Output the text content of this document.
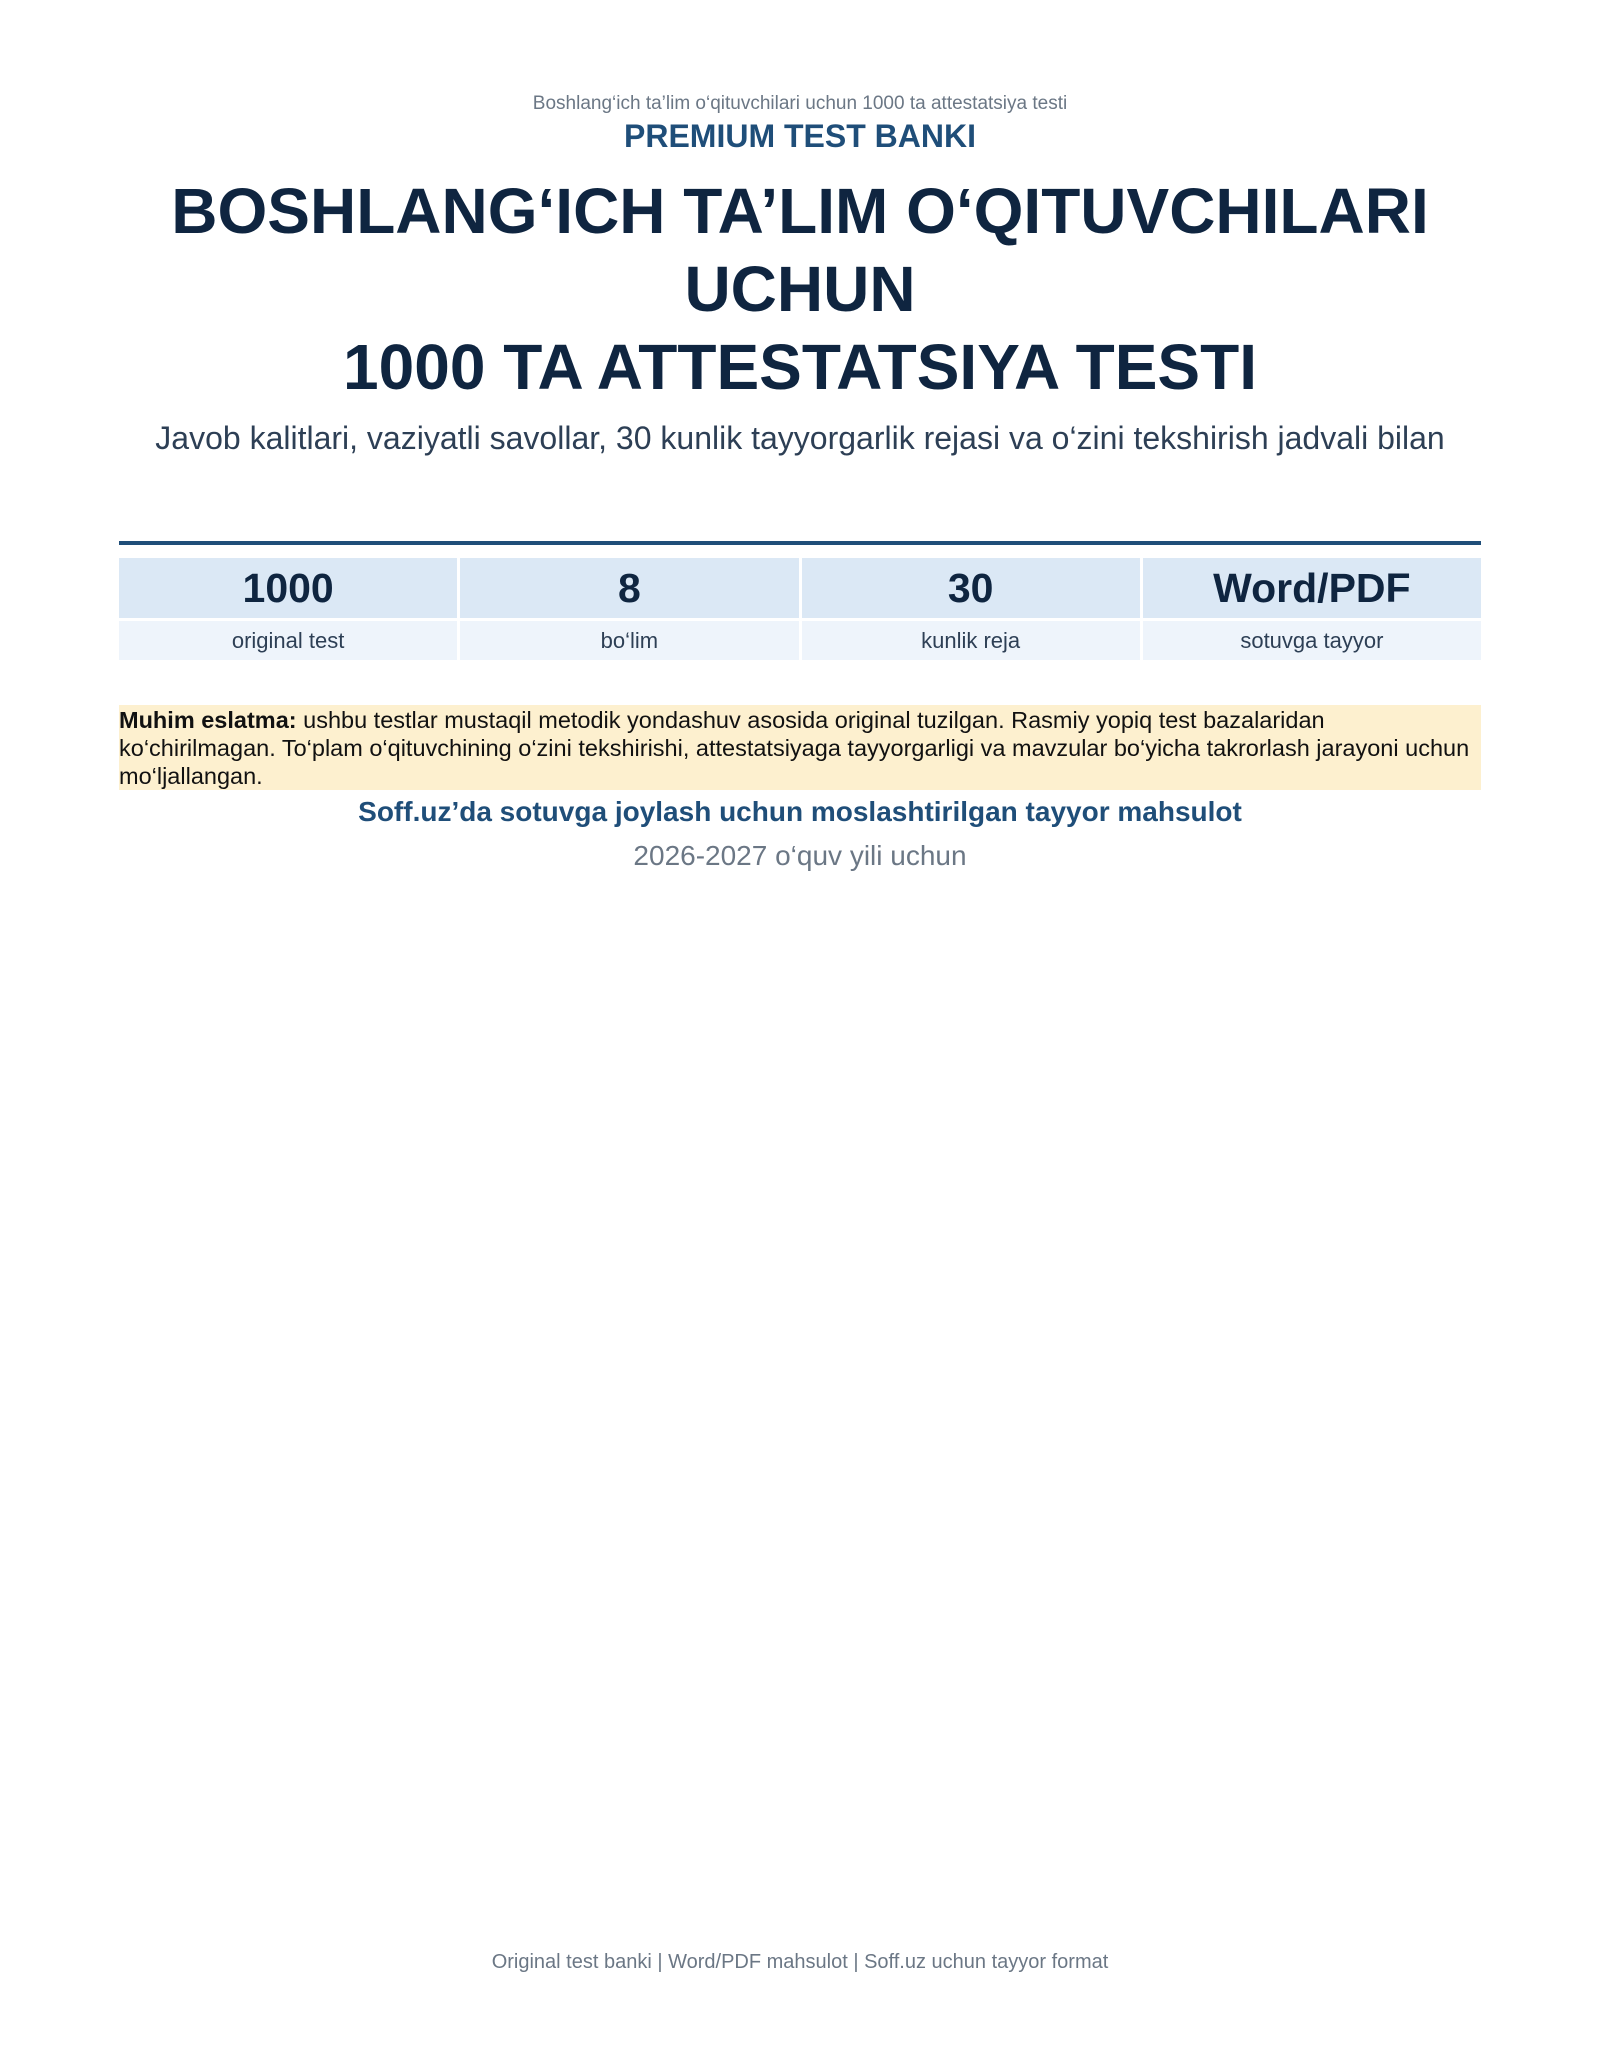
Boshlang‘ich ta’lim o‘qituvchilari uchun 1000 ta attestatsiya testi
PREMIUM TEST BANKI
BOSHLANG‘ICH TA’LIM O‘QITUVCHILARI
UCHUN
1000 TA ATTESTATSIYA TESTI
Javob kalitlari, vaziyatli savollar, 30 kunlik tayyorgarlik rejasi va o‘zini tekshirish jadvali bilan
1000
original test
8
bo‘lim
30
kunlik reja
Word/PDF
sotuvga tayyor
Muhim eslatma: ushbu testlar mustaqil metodik yondashuv asosida original tuzilgan. Rasmiy yopiq test bazalaridan ko‘chirilmagan. To‘plam o‘qituvchining o‘zini tekshirishi, attestatsiyaga tayyorgarligi va mavzular bo‘yicha takrorlash jarayoni uchun mo‘ljallangan.
Soff.uz’da sotuvga joylash uchun moslashtirilgan tayyor mahsulot
2026-2027 o‘quv yili uchun
Original test banki | Word/PDF mahsulot | Soff.uz uchun tayyor format
